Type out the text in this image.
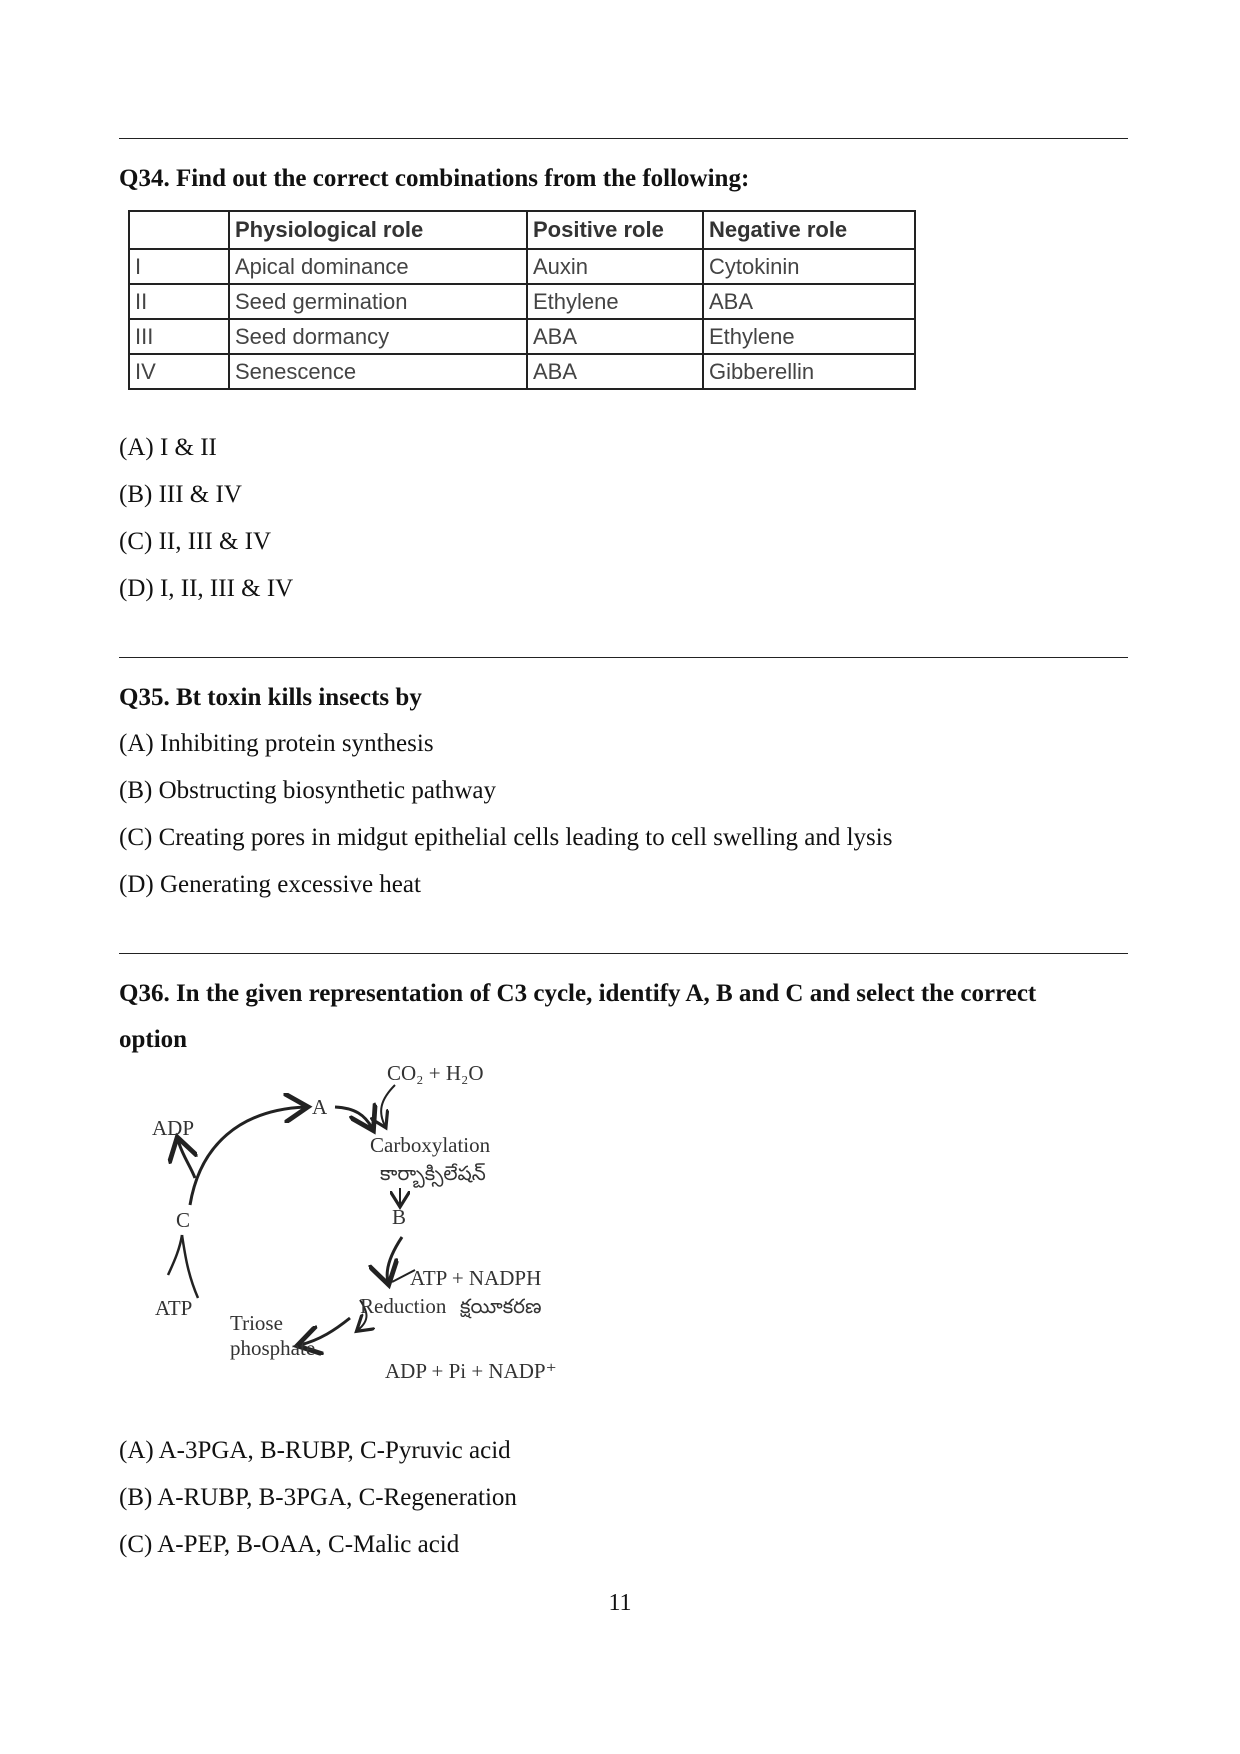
Q34. Find out the correct combinations from the following:

	Physiological role	Positive role	Negative role
I	Apical dominance	Auxin	Cytokinin
II	Seed germination	Ethylene	ABA
III	Seed dormancy	ABA	Ethylene
IV	Senescence	ABA	Gibberellin

(A) I & II

(B) III & IV

(C) II, III & IV

(D) I, II, III & IV

Q35. Bt toxin kills insects by

(A) Inhibiting protein synthesis

(B) Obstructing biosynthetic pathway

(C) Creating pores in midgut epithelial cells leading to cell swelling and lysis

(D) Generating excessive heat

Q36. In the given representation of C3 cycle, identify A, B and C and select the correct

option

CO₂ + H₂O
A
ADP
Carboxylation
కార్బాక్సిలేషన్
B
C
ATP + NADPH
ATP	Reduction క్షయీకరణ
Triose
phosphate
ADP + Pi + NADP⁺

(A) A-3PGA, B-RUBP, C-Pyruvic acid

(B) A-RUBP, B-3PGA, C-Regeneration

(C) A-PEP, B-OAA, C-Malic acid

11
